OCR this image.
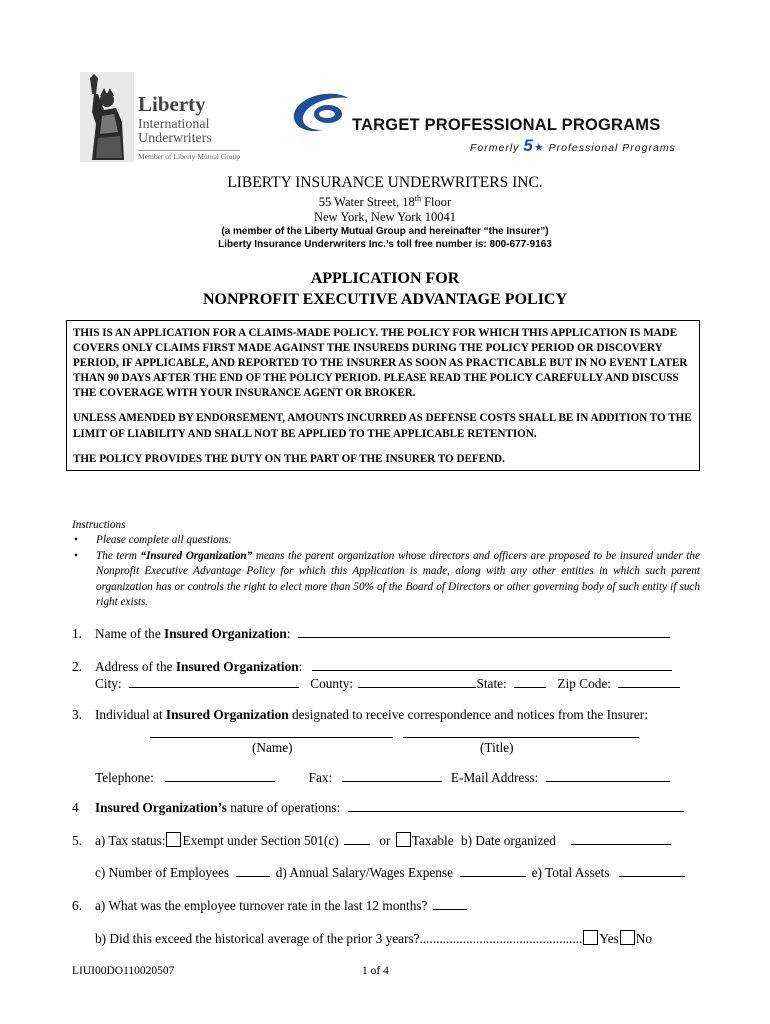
Liberty
International
Underwriters
Member of Liberty Mutual Group
TARGET PROFESSIONAL PROGRAMS
Formerly 5★ Professional Programs
LIBERTY INSURANCE UNDERWRITERS INC.
55 Water Street, 18th Floor
New York, New York 10041
(a member of the Liberty Mutual Group and hereinafter “the Insurer”)
Liberty Insurance Underwriters Inc.’s toll free number is: 800-677-9163
APPLICATION FOR
NONPROFIT EXECUTIVE ADVANTAGE POLICY

THIS IS AN APPLICATION FOR A CLAIMS-MADE POLICY. THE POLICY FOR WHICH THIS APPLICATION IS MADE COVERS ONLY CLAIMS FIRST MADE AGAINST THE INSUREDS DURING THE POLICY PERIOD OR DISCOVERY PERIOD, IF APPLICABLE, AND REPORTED TO THE INSURER AS SOON AS PRACTICABLE BUT IN NO EVENT LATER THAN 90 DAYS AFTER THE END OF THE POLICY PERIOD. PLEASE READ THE POLICY CAREFULLY AND DISCUSS THE COVERAGE WITH YOUR INSURANCE AGENT OR BROKER.

UNLESS AMENDED BY ENDORSEMENT, AMOUNTS INCURRED AS DEFENSE COSTS SHALL BE IN ADDITION TO THE LIMIT OF LIABILITY AND SHALL NOT BE APPLIED TO THE APPLICABLE RETENTION.

THE POLICY PROVIDES THE DUTY ON THE PART OF THE INSURER TO DEFEND.

Instructions
• Please complete all questions.
• The term “Insured Organization” means the parent organization whose directors and officers are proposed to be insured under the Nonprofit Executive Advantage Policy for which this Application is made, along with any other entities in which such parent organization has or controls the right to elect more than 50% of the Board of Directors or other governing body of such entity if such right exists.
1. Name of the Insured Organization:
2. Address of the Insured Organization:
City:	County:	State:	Zip Code:
3. Individual at Insured Organization designated to receive correspondence and notices from the Insurer:
(Name)	(Title)
Telephone:	Fax:	E-Mail Address:
4 Insured Organization’s nature of operations:
5. a) Tax status: Exempt under Section 501(c)	or Taxable b) Date organized
c) Number of Employees	d) Annual Salary/Wages Expense	e) Total Assets
6. a) What was the employee turnover rate in the last 12 months?
b) Did this exceed the historical average of the prior 3 years?................................................. Yes No
LIUI00DO110020507	1 of 4
